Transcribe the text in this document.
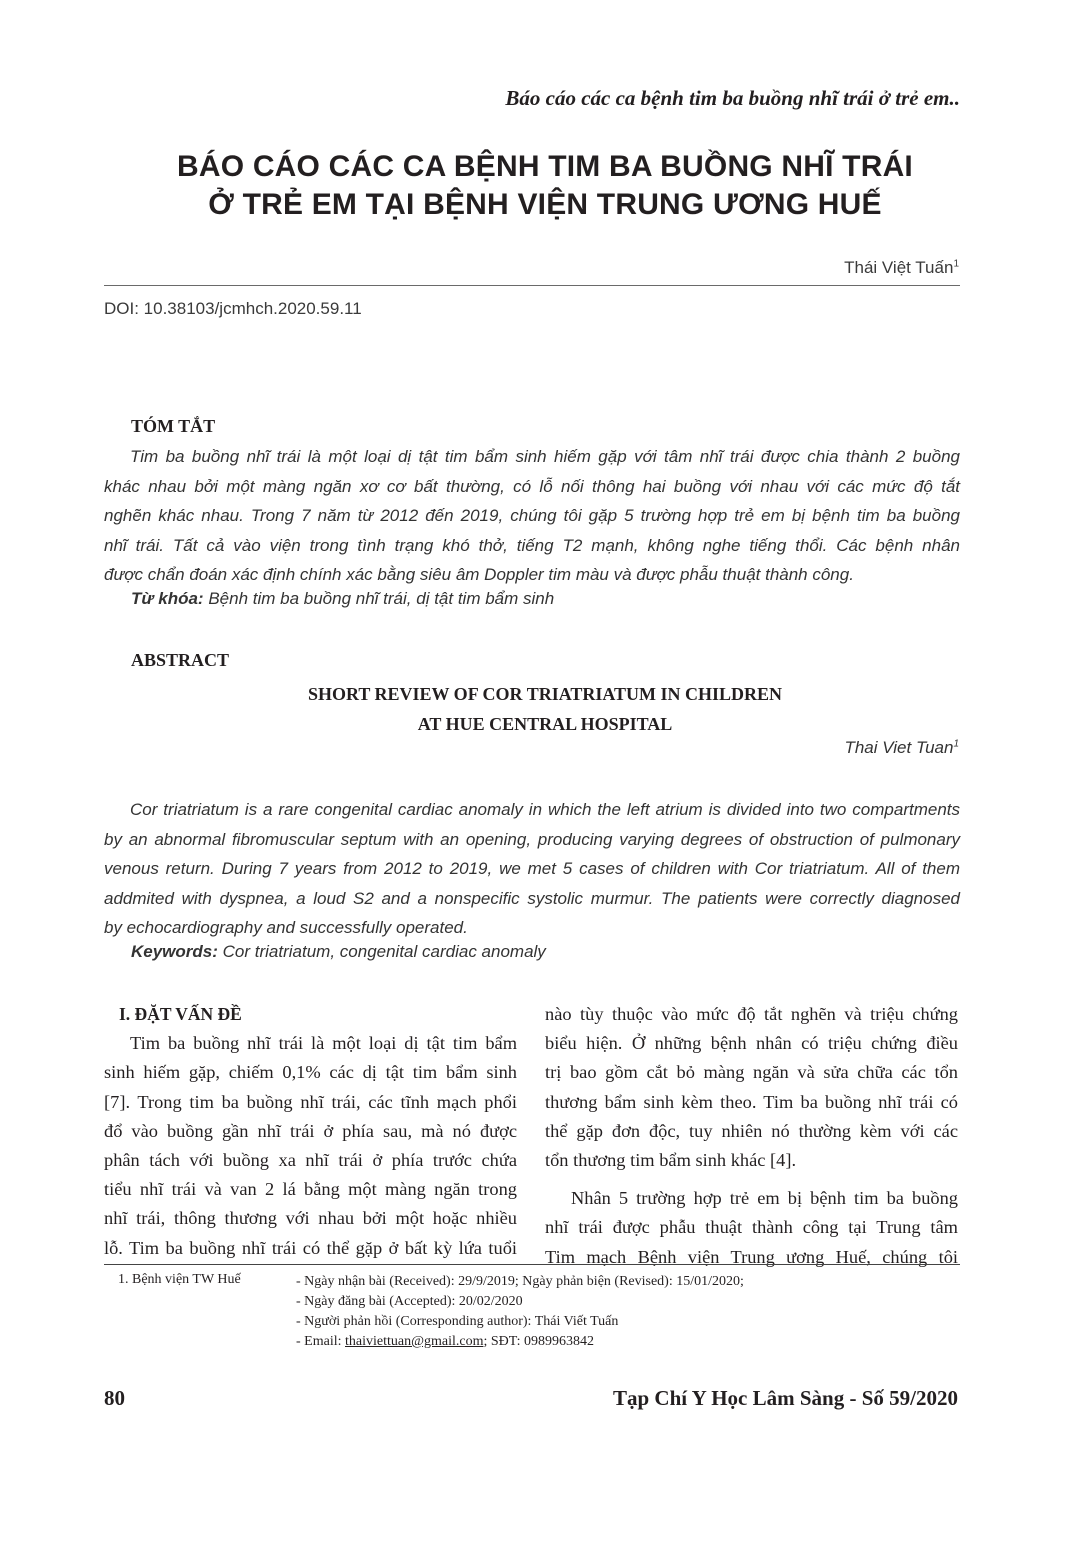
Báo cáo các ca bệnh tim ba buồng nhĩ trái ở trẻ em..
BÁO CÁO CÁC CA BỆNH TIM BA BUỒNG NHĨ TRÁI
Ở TRẺ EM TẠI BỆNH VIỆN TRUNG ƯƠNG HUẾ
Thái Việt Tuấn$^1$
DOI: 10.38103/jcmhch.2020.59.11
TÓM TẮT
Tim ba buồng nhĩ trái là một loại dị tật tim bẩm sinh hiếm gặp với tâm nhĩ trái được chia thành 2 buồng
khác nhau bởi một màng ngăn xơ cơ bất thường, có lỗ nối thông hai buồng với nhau với các mức độ tắt
nghẽn khác nhau. Trong 7 năm từ 2012 đến 2019, chúng tôi gặp 5 trường hợp trẻ em bị bệnh tim ba buồng
nhĩ trái. Tất cả vào viện trong tình trạng khó thở, tiếng T2 mạnh, không nghe tiếng thổi. Các bệnh nhân
được chẩn đoán xác định chính xác bằng siêu âm Doppler tim màu và được phẫu thuật thành công.
Từ khóa: Bệnh tim ba buồng nhĩ trái, dị tật tim bẩm sinh
ABSTRACT
SHORT REVIEW OF COR TRIATRIATUM IN CHILDREN
AT HUE CENTRAL HOSPITAL
Thai Viet Tuan$^1$
Cor triatriatum is a rare congenital cardiac anomaly in which the left atrium is divided into two compartments
by an abnormal fibromuscular septum with an opening, producing varying degrees of obstruction of pulmonary
venous return. During 7 years from 2012 to 2019, we met 5 cases of children with Cor triatriatum. All of them
addmited with dyspnea, a loud S2 and a nonspecific systolic murmur. The patients were correctly diagnosed
by echocardiography and successfully operated.
Keywords: Cor triatriatum, congenital cardiac anomaly
I. ĐẶT VẤN ĐỀ
Tim ba buồng nhĩ trái là một loại dị tật tim bẩm
sinh hiếm gặp, chiếm 0,1% các dị tật tim bẩm sinh
[7]. Trong tim ba buồng nhĩ trái, các tĩnh mạch phổi
đổ vào buồng gần nhĩ trái ở phía sau, mà nó được
phân tách với buồng xa nhĩ trái ở phía trước chứa
tiểu nhĩ trái và van 2 lá bằng một màng ngăn trong
nhĩ trái, thông thương với nhau bởi một hoặc nhiều
lỗ. Tim ba buồng nhĩ trái có thể gặp ở bất kỳ lứa tuổi
nào tùy thuộc vào mức độ tắt nghẽn và triệu chứng
biểu hiện. Ở những bệnh nhân có triệu chứng điều
trị bao gồm cắt bỏ màng ngăn và sửa chữa các tổn
thương bẩm sinh kèm theo. Tim ba buồng nhĩ trái có
thể gặp đơn độc, tuy nhiên nó thường kèm với các
tổn thương tim bẩm sinh khác [4].
Nhân 5 trường hợp trẻ em bị bệnh tim ba buồng
nhĩ trái được phẫu thuật thành công tại Trung tâm
Tim mạch Bệnh viện Trung ương Huế, chúng tôi
1. Bệnh viện TW Huế	- Ngày nhận bài (Received): 29/9/2019; Ngày phản biện (Revised): 15/01/2020;
- Ngày đăng bài (Accepted): 20/02/2020
- Người phản hồi (Corresponding author): Thái Viết Tuấn
- Email: thaiviettuan@gmail.com; SĐT: 0989963842
80	Tạp Chí Y Học Lâm Sàng - Số 59/2020
